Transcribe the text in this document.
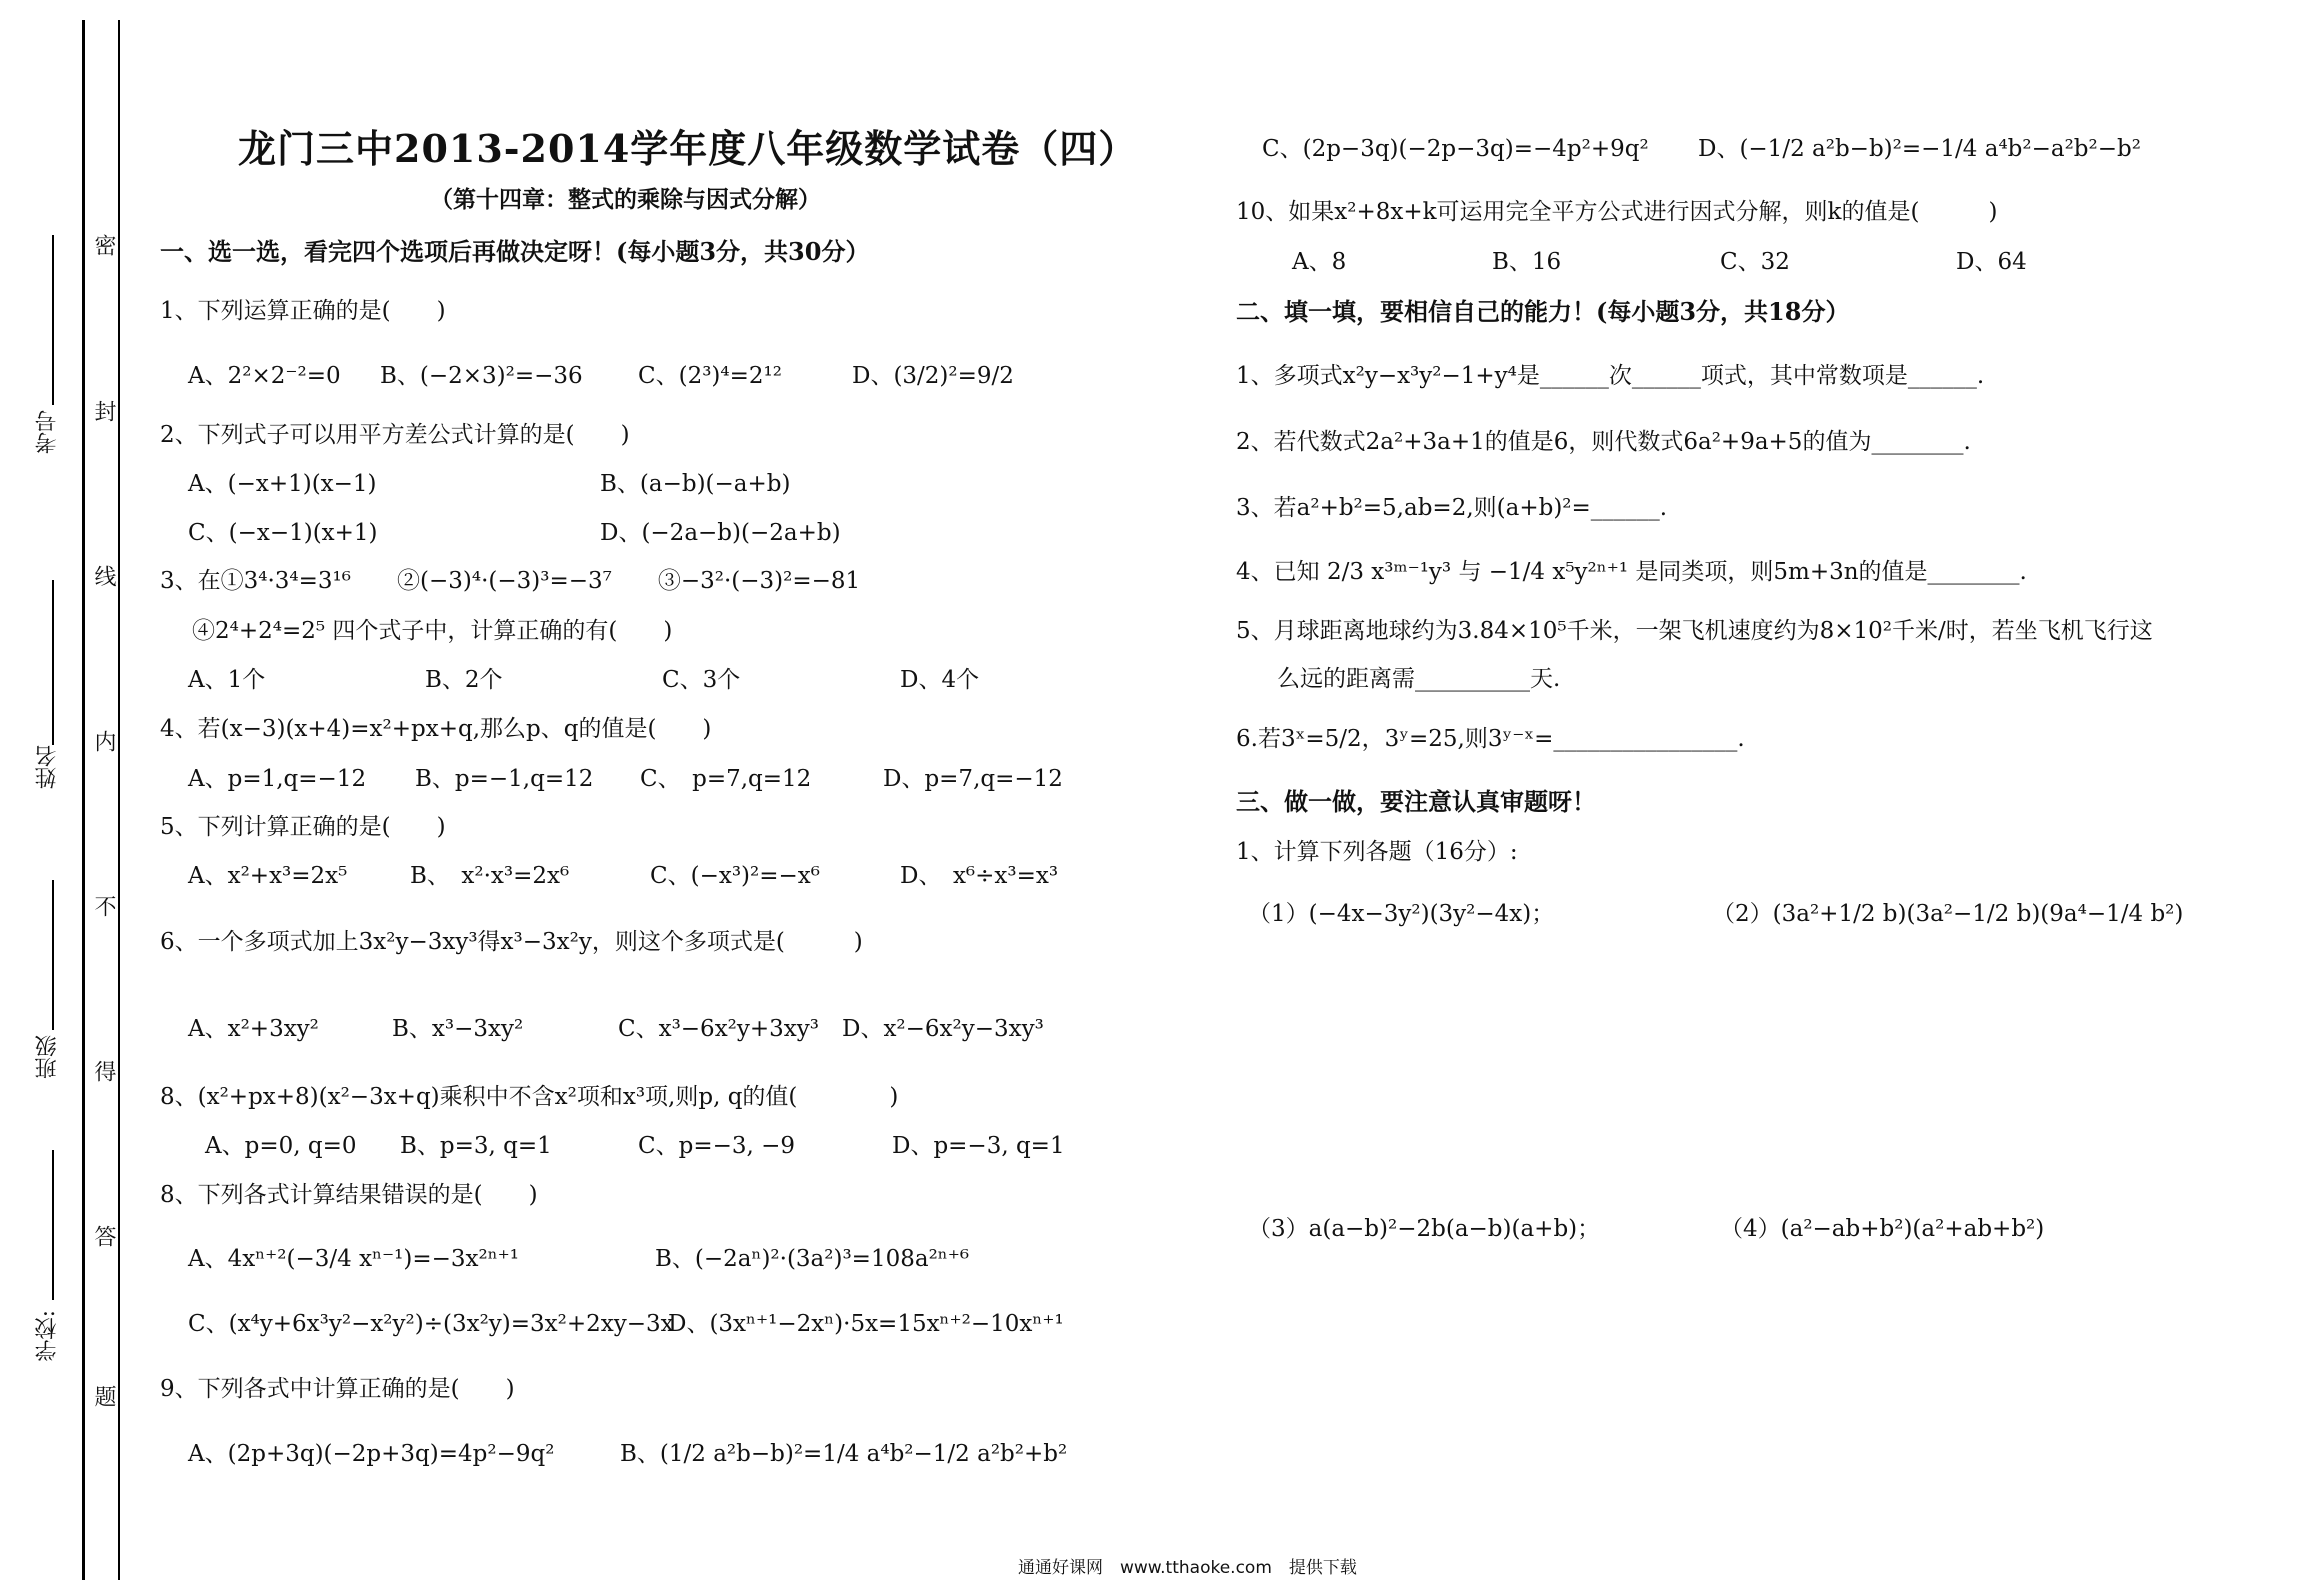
密
封
线
内
不
得
答
题
考号
姓名
班级
学校:
龙门三中2013-2014学年度八年级数学试卷（四）
（第十四章：整式的乘除与因式分解）
一、选一选，看完四个选项后再做决定呀！(每小题3分，共30分）
1、下列运算正确的是(　　)
A、2²×2⁻²=0 B、(−2×3)²=−36 C、(2³)⁴=2¹²	D、(3/2)²=9/2
2、下列式子可以用平方差公式计算的是(　　)
A、(−x+1)(x−1)	B、(a−b)(−a+b)
C、(−x−1)(x+1)	D、(−2a−b)(−2a+b)
3、在①3⁴·3⁴=3¹⁶　　②(−3)⁴·(−3)³=−3⁷　　③−3²·(−3)²=−81
④2⁴+2⁴=2⁵ 四个式子中，计算正确的有(　　)
A、1个	B、2个	C、3个	D、4个
4、若(x−3)(x+4)=x²+px+q,那么p、q的值是(　　)
A、p=1,q=−12 B、p=−1,q=12 C、　p=7,q=12	D、p=7,q=−12
5、下列计算正确的是(　　)
A、x²+x³=2x⁵	B、　x²·x³=2x⁶	C、(−x³)²=−x⁶	D、　x⁶÷x³=x³
6、一个多项式加上3x²y−3xy³得x³−3x²y，则这个多项式是(　　　)
A、x²+3xy²	B、x³−3xy²	C、x³−6x²y+3xy³ D、x²−6x²y−3xy³
8、(x²+px+8)(x²−3x+q)乘积中不含x²项和x³项,则p, q的值(　　　　)
A、p=0, q=0 B、p=3, q=1	C、p=−3, −9	D、p=−3, q=1
8、下列各式计算结果错误的是(　　)
A、4xⁿ⁺²(−3/4 xⁿ⁻¹)=−3x²ⁿ⁺¹	B、(−2aⁿ)²·(3a²)³=108a²ⁿ⁺⁶
C、(x⁴y+6x³y²−x²y²)÷(3x²y)=3x²+2xy−3x
D、(3xⁿ⁺¹−2xⁿ)·5x=15xⁿ⁺²−10xⁿ⁺¹
9、下列各式中计算正确的是(　　)
A、(2p+3q)(−2p+3q)=4p²−9q²	B、(1/2 a²b−b)²=1/4 a⁴b²−1/2 a²b²+b²
C、(2p−3q)(−2p−3q)=−4p²+9q² D、(−1/2 a²b−b)²=−1/4 a⁴b²−a²b²−b²
10、如果x²+8x+k可运用完全平方公式进行因式分解，则k的值是(　　　)
A、8	B、16	C、32	D、64
二、填一填，要相信自己的能力！(每小题3分，共18分）
1、多项式x²y−x³y²−1+y⁴是______次______项式，其中常数项是______.
2、若代数式2a²+3a+1的值是6，则代数式6a²+9a+5的值为________.
3、若a²+b²=5,ab=2,则(a+b)²=______.
4、已知 2/3 x³ᵐ⁻¹y³ 与 −1/4 x⁵y²ⁿ⁺¹ 是同类项，则5m+3n的值是________.
5、月球距离地球约为3.84×10⁵千米，一架飞机速度约为8×10²千米/时，若坐飞机飞行这
么远的距离需__________天.
6.若3ˣ=5/2，3ʸ=25,则3ʸ⁻ˣ=________________.
三、做一做，要注意认真审题呀！
1、计算下列各题（16分）:
（1）(−4x−3y²)(3y²−4x)；	（2）(3a²+1/2 b)(3a²−1/2 b)(9a⁴−1/4 b²)
（3）a(a−b)²−2b(a−b)(a+b)；	（4）(a²−ab+b²)(a²+ab+b²)
通通好课网　www.tthaoke.com　提供下载
